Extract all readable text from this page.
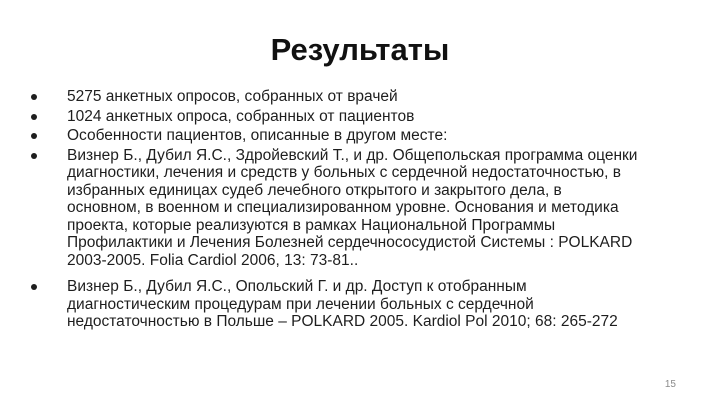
Результаты
5275 анкетных опросов, собранных от врачей
1024 анкетных опроса, собранных от пациентов
Особенности пациентов, описанные в другом месте:
Визнер Б., Дубил Я.С., Здройевский Т., и др. Общепольская программа оценки
диагностики, лечения и средств у больных с сердечной недостаточностью, в
избранных единицах судеб лечебного открытого и закрытого дела, в
основном, в военном и специализированном уровне. Основания и методика
проекта, которые реализуются в рамках Национальной Программы
Профилактики и Лечения Болезней сердечнососудистой Системы : POLKARD
2003-2005. Folia Cardiol 2006, 13: 73-81..
Визнер Б., Дубил Я.С., Опольский Г. и др. Доступ к отобранным
диагностическим процедурам при лечении больных с сердечной
недостаточностью в Польше – POLKARD 2005. Kardiol Pol 2010; 68: 265-272
15
